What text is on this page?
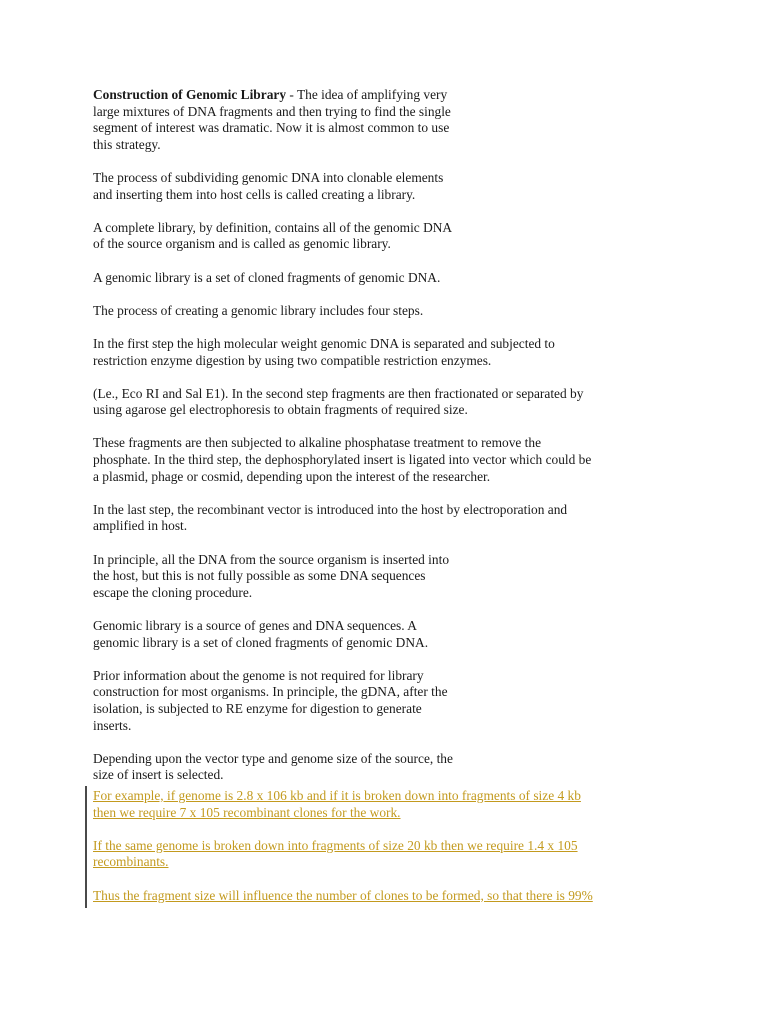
Construction of Genomic Library - The idea of amplifying very
large mixtures of DNA fragments and then trying to find the single
segment of interest was dramatic. Now it is almost common to use
this strategy.

The process of subdividing genomic DNA into clonable elements
and inserting them into host cells is called creating a library.

A complete library, by definition, contains all of the genomic DNA
of the source organism and is called as genomic library.

A genomic library is a set of cloned fragments of genomic DNA.

The process of creating a genomic library includes four steps.

In the first step the high molecular weight genomic DNA is separated and subjected to
restriction enzyme digestion by using two compatible restriction enzymes.

(Le., Eco RI and Sal E1). In the second step fragments are then fractionated or separated by
using agarose gel electrophoresis to obtain fragments of required size.

These fragments are then subjected to alkaline phosphatase treatment to remove the
phosphate. In the third step, the dephosphorylated insert is ligated into vector which could be
a plasmid, phage or cosmid, depending upon the interest of the researcher.

In the last step, the recombinant vector is introduced into the host by electroporation and
amplified in host.

In principle, all the DNA from the source organism is inserted into
the host, but this is not fully possible as some DNA sequences
escape the cloning procedure.

Genomic library is a source of genes and DNA sequences. A
genomic library is a set of cloned fragments of genomic DNA.

Prior information about the genome is not required for library
construction for most organisms. In principle, the gDNA, after the
isolation, is subjected to RE enzyme for digestion to generate
inserts.

Depending upon the vector type and genome size of the source, the
size of insert is selected.

For example, if genome is 2.8 x 106 kb and if it is broken down into fragments of size 4 kb
then we require 7 x 105 recombinant clones for the work.

If the same genome is broken down into fragments of size 20 kb then we require 1.4 x 105
recombinants.

Thus the fragment size will influence the number of clones to be formed, so that there is 99%
